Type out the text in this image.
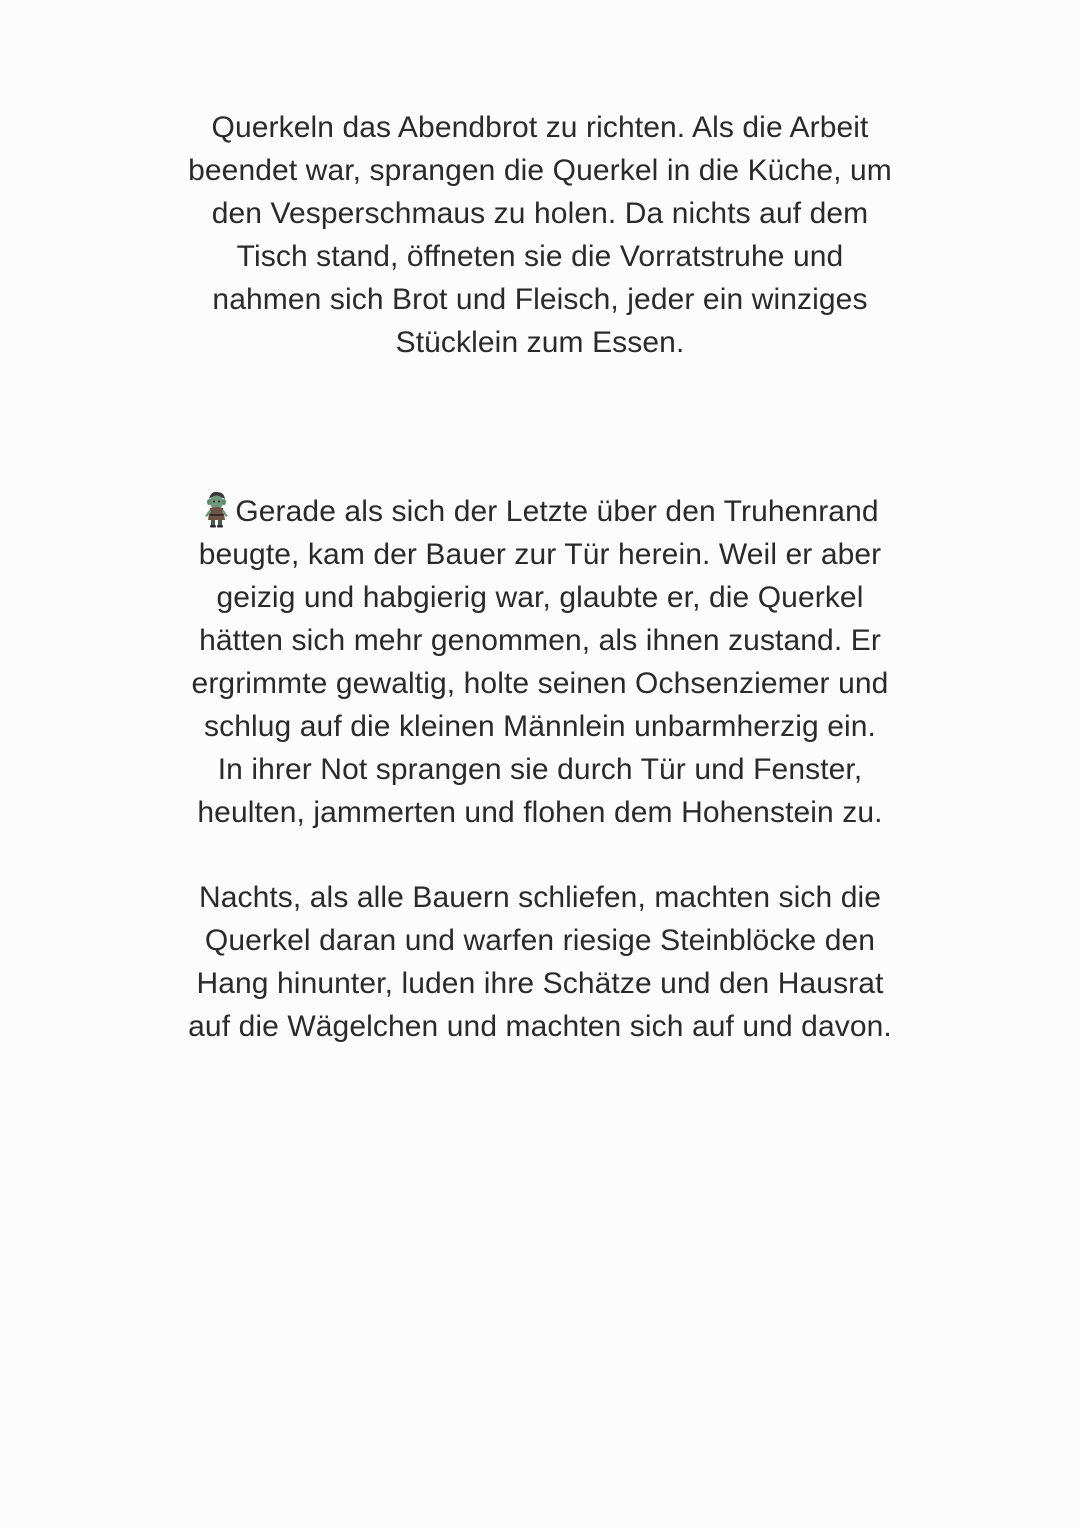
Querkeln das Abendbrot zu richten. Als die Arbeit
beendet war, sprangen die Querkel in die Küche, um
den Vesperschmaus zu holen. Da nichts auf dem
Tisch stand, öffneten sie die Vorratstruhe und
nahmen sich Brot und Fleisch, jeder ein winziges
Stücklein zum Essen.

Gerade als sich der Letzte über den Truhenrand
beugte, kam der Bauer zur Tür herein. Weil er aber
geizig und habgierig war, glaubte er, die Querkel
hätten sich mehr genommen, als ihnen zustand. Er
ergrimmte gewaltig, holte seinen Ochsenziemer und
schlug auf die kleinen Männlein unbarmherzig ein.
In ihrer Not sprangen sie durch Tür und Fenster,
heulten, jammerten und flohen dem Hohenstein zu.

Nachts, als alle Bauern schliefen, machten sich die
Querkel daran und warfen riesige Steinblöcke den
Hang hinunter, luden ihre Schätze und den Hausrat
auf die Wägelchen und machten sich auf und davon.
